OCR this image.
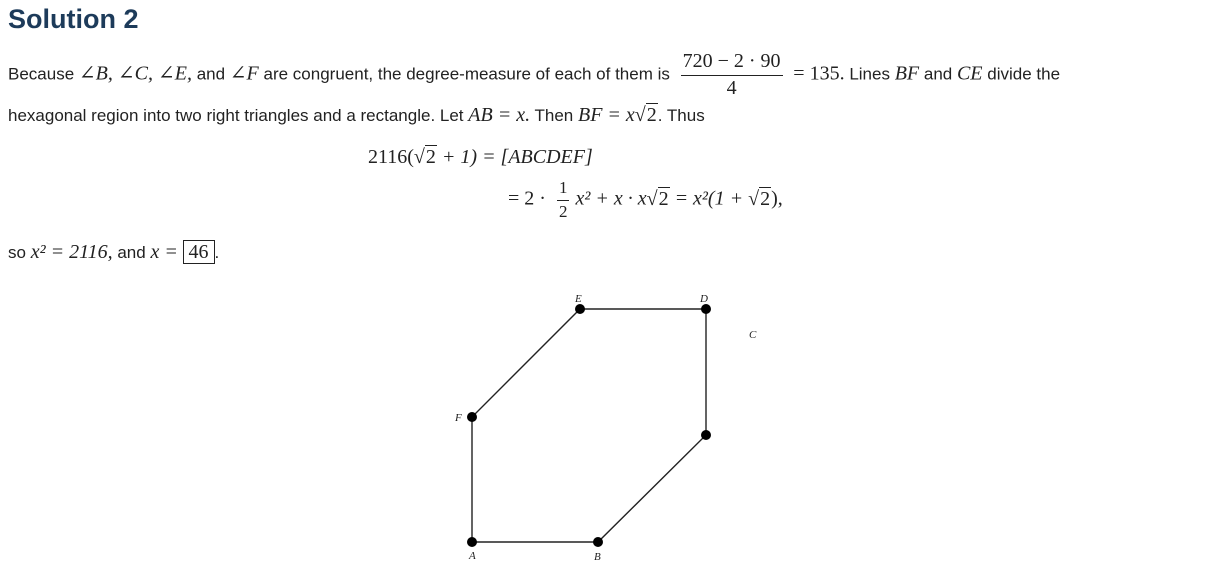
Solution 2
Because ∠B, ∠C, ∠E, and ∠F are congruent, the degree-measure of each of them is $\frac{720 - 2 \cdot 90}{4} = 135$. Lines BF and CE divide the
hexagonal region into two right triangles and a rectangle. Let AB = x. Then BF = x√2. Thus
2116(√2 + 1) = [ABCDEF]
= $2 \cdot \frac{1}{2} x^2 + x \cdot x√2 = x^2(1 + √2)$,
so x² = 2116, and x = 46 .
A	B
C
D
E
F
